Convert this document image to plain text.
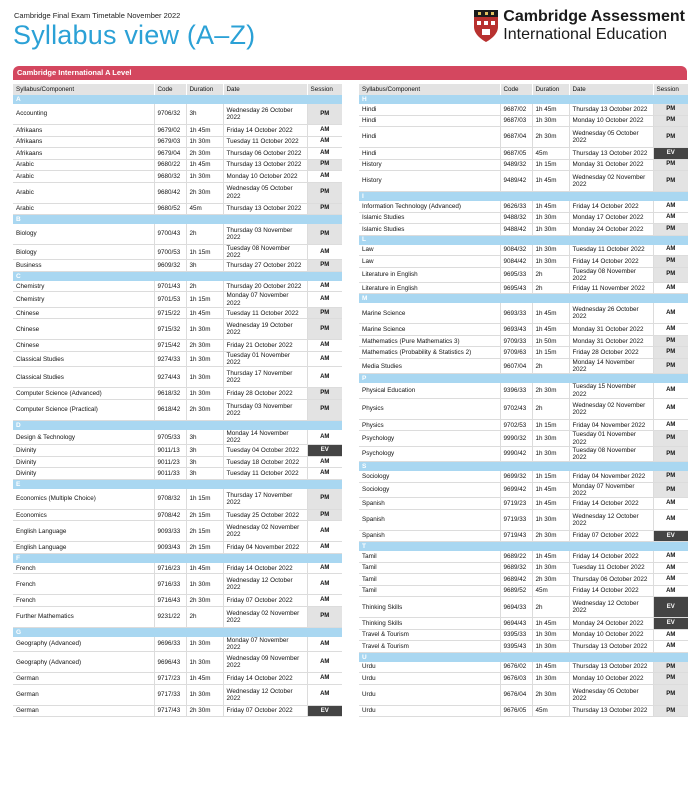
Cambridge Final Exam Timetable November 2022
Syllabus view (A–Z)
Cambridge Assessment
International Education
Cambridge International A Level
Syllabus/Component	Code	Duration	Date	Session
A				
Accounting	9706/32	3h	Wednesday 26 October 2022	PM
Afrikaans	9679/02	1h 45m	Friday 14 October 2022	AM
Afrikaans	9679/03	1h 30m	Tuesday 11 October 2022	AM
Afrikaans	9679/04	2h 30m	Thursday 06 October 2022	AM
Arabic	9680/22	1h 45m	Thursday 13 October 2022	PM
Arabic	9680/32	1h 30m	Monday 10 October 2022	AM
Arabic	9680/42	2h 30m	Wednesday 05 October 2022	PM
Arabic	9680/52	45m	Thursday 13 October 2022	PM
B				
Biology	9700/43	2h	Thursday 03 November 2022	PM
Biology	9700/53	1h 15m	Tuesday 08 November 2022	AM
Business	9609/32	3h	Thursday 27 October 2022	PM
C				
Chemistry	9701/43	2h	Thursday 20 October 2022	AM
Chemistry	9701/53	1h 15m	Monday 07 November 2022	AM
Chinese	9715/22	1h 45m	Tuesday 11 October 2022	PM
Chinese	9715/32	1h 30m	Wednesday 19 October 2022	PM
Chinese	9715/42	2h 30m	Friday 21 October 2022	AM
Classical Studies	9274/33	1h 30m	Tuesday 01 November 2022	AM
Classical Studies	9274/43	1h 30m	Thursday 17 November 2022	AM
Computer Science (Advanced)	9618/32	1h 30m	Friday 28 October 2022	PM
Computer Science (Practical)	9618/42	2h 30m	Thursday 03 November 2022	PM
D				
Design & Technology	9705/33	3h	Monday 14 November 2022	AM
Divinity	9011/13	3h	Tuesday 04 October 2022	EV
Divinity	9011/23	3h	Tuesday 18 October 2022	AM
Divinity	9011/33	3h	Tuesday 11 October 2022	AM
E				
Economics (Multiple Choice)	9708/32	1h 15m	Thursday 17 November 2022	PM
Economics	9708/42	2h 15m	Tuesday 25 October 2022	PM
English Language	9093/33	2h 15m	Wednesday 02 November 2022	AM
English Language	9093/43	2h 15m	Friday 04 November 2022	AM
F				
French	9716/23	1h 45m	Friday 14 October 2022	AM
French	9716/33	1h 30m	Wednesday 12 October 2022	AM
French	9716/43	2h 30m	Friday 07 October 2022	AM
Further Mathematics	9231/22	2h	Wednesday 02 November 2022	PM
G				
Geography (Advanced)	9696/33	1h 30m	Monday 07 November 2022	AM
Geography (Advanced)	9696/43	1h 30m	Wednesday 09 November 2022	AM
German	9717/23	1h 45m	Friday 14 October 2022	AM
German	9717/33	1h 30m	Wednesday 12 October 2022	AM
German	9717/43	2h 30m	Friday 07 October 2022	EV
Syllabus/Component	Code	Duration	Date	Session
H				
Hindi	9687/02	1h 45m	Thursday 13 October 2022	PM
Hindi	9687/03	1h 30m	Monday 10 October 2022	PM
Hindi	9687/04	2h 30m	Wednesday 05 October 2022	PM
Hindi	9687/05	45m	Thursday 13 October 2022	EV
History	9489/32	1h 15m	Monday 31 October 2022	PM
History	9489/42	1h 45m	Wednesday 02 November 2022	PM
I				
Information Technology (Advanced)	9626/33	1h 45m	Friday 14 October 2022	AM
Islamic Studies	9488/32	1h 30m	Monday 17 October 2022	AM
Islamic Studies	9488/42	1h 30m	Monday 24 October 2022	PM
L				
Law	9084/32	1h 30m	Tuesday 11 October 2022	AM
Law	9084/42	1h 30m	Friday 14 October 2022	PM
Literature in English	9695/33	2h	Tuesday 08 November 2022	PM
Literature in English	9695/43	2h	Friday 11 November 2022	AM
M				
Marine Science	9693/33	1h 45m	Wednesday 26 October 2022	AM
Marine Science	9693/43	1h 45m	Monday 31 October 2022	AM
Mathematics (Pure Mathematics 3)	9709/33	1h 50m	Monday 31 October 2022	PM
Mathematics (Probability & Statistics 2)	9709/63	1h 15m	Friday 28 October 2022	PM
Media Studies	9607/04	2h	Monday 14 November 2022	PM
P				
Physical Education	9396/33	2h 30m	Tuesday 15 November 2022	AM
Physics	9702/43	2h	Wednesday 02 November 2022	AM
Physics	9702/53	1h 15m	Friday 04 November 2022	AM
Psychology	9990/32	1h 30m	Tuesday 01 November 2022	PM
Psychology	9990/42	1h 30m	Tuesday 08 November 2022	PM
S				
Sociology	9699/32	1h 15m	Friday 04 November 2022	PM
Sociology	9699/42	1h 45m	Monday 07 November 2022	PM
Spanish	9719/23	1h 45m	Friday 14 October 2022	AM
Spanish	9719/33	1h 30m	Wednesday 12 October 2022	AM
Spanish	9719/43	2h 30m	Friday 07 October 2022	EV
T				
Tamil	9689/22	1h 45m	Friday 14 October 2022	AM
Tamil	9689/32	1h 30m	Tuesday 11 October 2022	AM
Tamil	9689/42	2h 30m	Thursday 06 October 2022	AM
Tamil	9689/52	45m	Friday 14 October 2022	AM
Thinking Skills	9694/33	2h	Wednesday 12 October 2022	EV
Thinking Skills	9694/43	1h 45m	Monday 24 October 2022	EV
Travel & Tourism	9395/33	1h 30m	Monday 10 October 2022	AM
Travel & Tourism	9395/43	1h 30m	Thursday 13 October 2022	AM
U				
Urdu	9676/02	1h 45m	Thursday 13 October 2022	PM
Urdu	9676/03	1h 30m	Monday 10 October 2022	PM
Urdu	9676/04	2h 30m	Wednesday 05 October 2022	PM
Urdu	9676/05	45m	Thursday 13 October 2022	PM
